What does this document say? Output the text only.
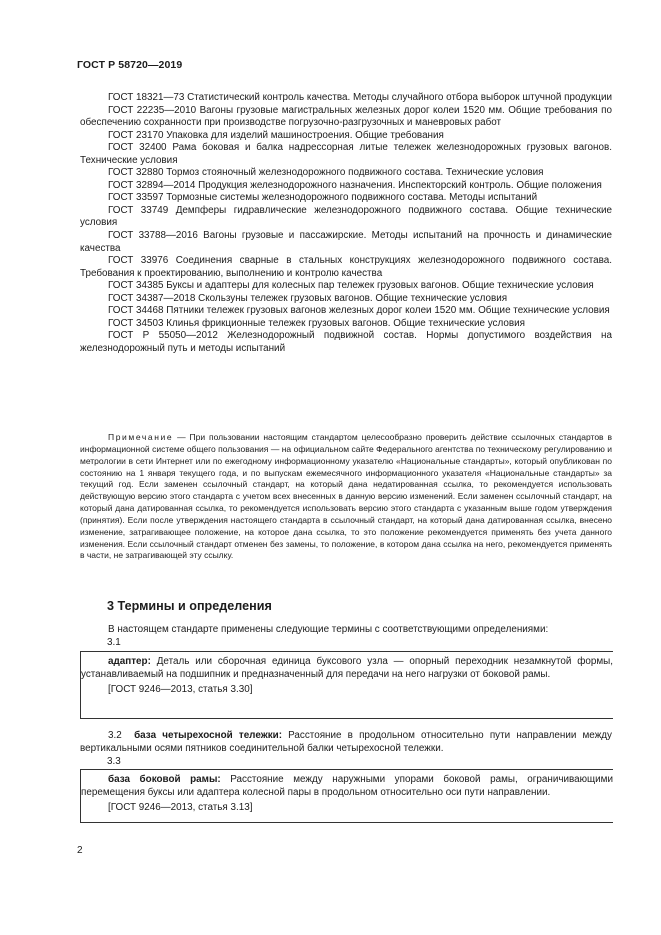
ГОСТ Р 58720—2019

ГОСТ 18321—73 Статистический контроль качества. Методы случайного отбора выборок штучной продукции

ГОСТ 22235—2010 Вагоны грузовые магистральных железных дорог колеи 1520 мм. Общие требования по обеспечению сохранности при производстве погрузочно-разгрузочных и маневровых работ

ГОСТ 23170 Упаковка для изделий машиностроения. Общие требования

ГОСТ 32400 Рама боковая и балка надрессорная литые тележек железнодорожных грузовых вагонов. Технические условия

ГОСТ 32880 Тормоз стояночный железнодорожного подвижного состава. Технические условия

ГОСТ 32894—2014 Продукция железнодорожного назначения. Инспекторский контроль. Общие положения

ГОСТ 33597 Тормозные системы железнодорожного подвижного состава. Методы испытаний

ГОСТ 33749 Демпферы гидравлические железнодорожного подвижного состава. Общие технические условия

ГОСТ 33788—2016 Вагоны грузовые и пассажирские. Методы испытаний на прочность и динамические качества

ГОСТ 33976 Соединения сварные в стальных конструкциях железнодорожного подвижного состава. Требования к проектированию, выполнению и контролю качества

ГОСТ 34385 Буксы и адаптеры для колесных пар тележек грузовых вагонов. Общие технические условия

ГОСТ 34387—2018 Скользуны тележек грузовых вагонов. Общие технические условия

ГОСТ 34468 Пятники тележек грузовых вагонов железных дорог колеи 1520 мм. Общие технические условия

ГОСТ 34503 Клинья фрикционные тележек грузовых вагонов. Общие технические условия

ГОСТ Р 55050—2012 Железнодорожный подвижной состав. Нормы допустимого воздействия на железнодорожный путь и методы испытаний

Примечание — При пользовании настоящим стандартом целесообразно проверить действие ссылочных стандартов в информационной системе общего пользования — на официальном сайте Федерального агентства по техническому регулированию и метрологии в сети Интернет или по ежегодному информационному указателю «Национальные стандарты», который опубликован по состоянию на 1 января текущего года, и по выпускам ежемесячного информационного указателя «Национальные стандарты» за текущий год. Если заменен ссылочный стандарт, на который дана недатированная ссылка, то рекомендуется использовать действующую версию этого стандарта с учетом всех внесенных в данную версию изменений. Если заменен ссылочный стандарт, на который дана датированная ссылка, то рекомендуется использовать версию этого стандарта с указанным выше годом утверждения (принятия). Если после утверждения настоящего стандарта в ссылочный стандарт, на который дана датированная ссылка, внесено изменение, затрагивающее положение, на которое дана ссылка, то это положение рекомендуется применять без учета данного изменения. Если ссылочный стандарт отменен без замены, то положение, в котором дана ссылка на него, рекомендуется применять в части, не затрагивающей эту ссылку.

3 Термины и определения

В настоящем стандарте применены следующие термины с соответствующими определениями:

3.1

адаптер: Деталь или сборочная единица буксового узла — опорный переходник незамкнутой формы, устанавливаемый на подшипник и предназначенный для передачи на него нагрузки от боковой рамы.

[ГОСТ 9246—2013, статья 3.30]

3.2 база четырехосной тележки: Расстояние в продольном относительно пути направлении между вертикальными осями пятников соединительной балки четырехосной тележки.

3.3

база боковой рамы: Расстояние между наружными упорами боковой рамы, ограничивающими перемещения буксы или адаптера колесной пары в продольном относительно оси пути направлении.

[ГОСТ 9246—2013, статья 3.13]

2
